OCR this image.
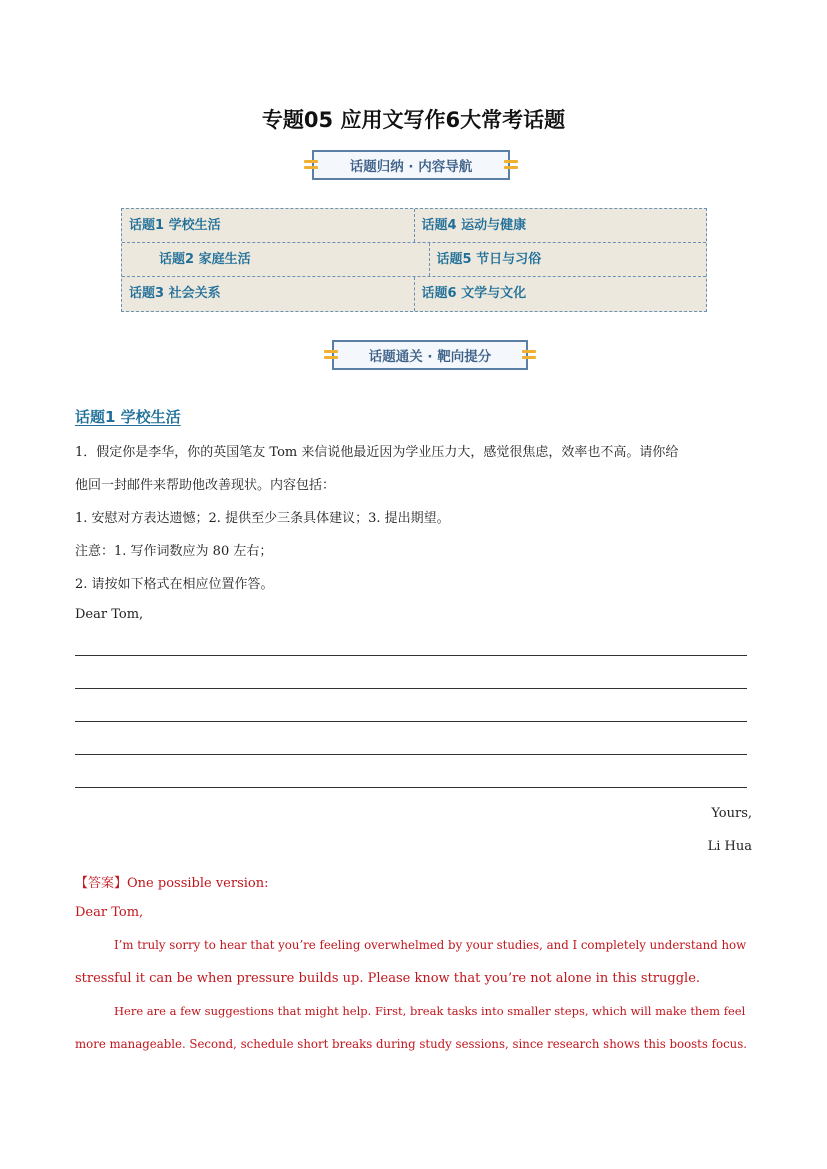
专题05 应用文写作6大常考话题
话题归纳 · 内容导航
话题1 学校生活	话题4 运动与健康
话题2 家庭生活	话题5 节日与习俗
话题3 社会关系	话题6 文学与文化
话题通关 · 靶向提分
话题1 学校生活
1．假定你是李华，你的英国笔友 Tom 来信说他最近因为学业压力大，感觉很焦虑，效率也不高。请你给
他回一封邮件来帮助他改善现状。内容包括：
1. 安慰对方表达遗憾；2. 提供至少三条具体建议；3. 提出期望。
注意：1. 写作词数应为 80 左右；
2. 请按如下格式在相应位置作答。
Dear Tom,
Yours,
Li Hua
【答案】One possible version:
Dear Tom,
I’m truly sorry to hear that you’re feeling overwhelmed by your studies, and I completely understand how
stressful it can be when pressure builds up. Please know that you’re not alone in this struggle.
Here are a few suggestions that might help. First, break tasks into smaller steps, which will make them feel
more manageable. Second, schedule short breaks during study sessions, since research shows this boosts focus.
